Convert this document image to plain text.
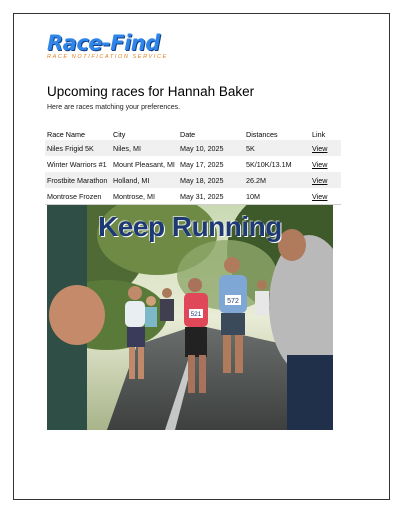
Race-Find
RACE NOTIFICATION SERVICE
Upcoming races for Hannah Baker

Here are races matching your preferences.

Race Name	City	Date	Distances	Link
Niles Frigid 5K	Niles, MI	May 10, 2025	5K	View
Winter Warriors #1	Mount Pleasant, MI	May 17, 2025	5K/10K/13.1M	View
Frostbite Marathon	Holland, MI	May 18, 2025	26.2M	View
Montrose Frozen	Montrose, MI	May 31, 2025	10M	View
572
521
Keep Running
